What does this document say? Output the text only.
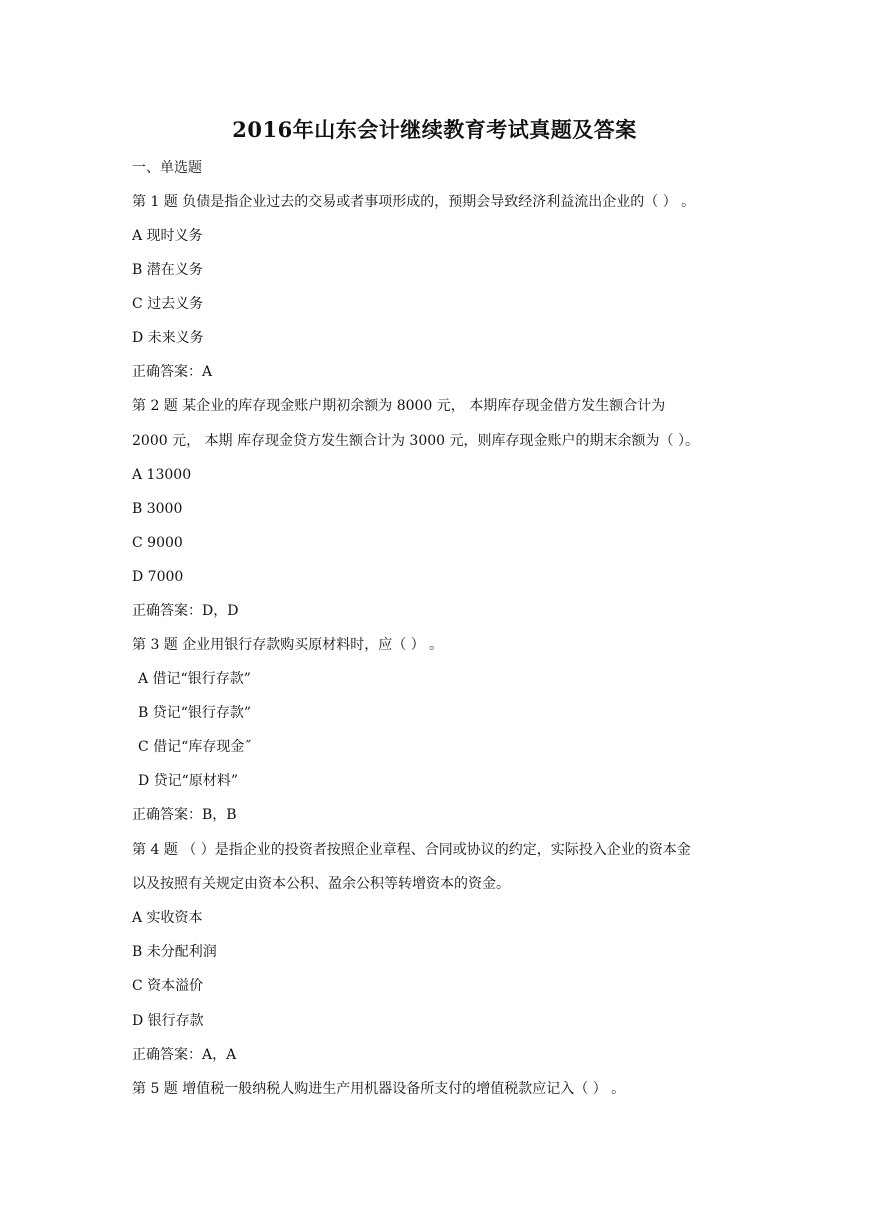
2016年山东会计继续教育考试真题及答案
一、单选题
第 1 题 负债是指企业过去的交易或者事项形成的，预期会导致经济利益流出企业的（ ） 。
A 现时义务
B 潜在义务
C 过去义务
D 未来义务
正确答案：A
第 2 题 某企业的库存现金账户期初余额为 8000 元， 本期库存现金借方发生额合计为
2000 元， 本期 库存现金贷方发生额合计为 3000 元，则库存现金账户的期末余额为（ ）。
A 13000
B 3000
C 9000
D 7000
正确答案：D，D
第 3 题 企业用银行存款购买原材料时，应（ ） 。
A 借记“银行存款”
B 贷记“银行存款”
C 借记“库存现金˝
D 贷记“原材料”
正确答案：B，B
第 4 题 （ ）是指企业的投资者按照企业章程、合同或协议的约定，实际投入企业的资本金
以及按照有关规定由资本公积、盈余公积等转增资本的资金。
A 实收资本
B 未分配利润
C 资本溢价
D 银行存款
正确答案：A，A
第 5 题 增值税一般纳税人购进生产用机器设备所支付的增值税款应记入（ ） 。
